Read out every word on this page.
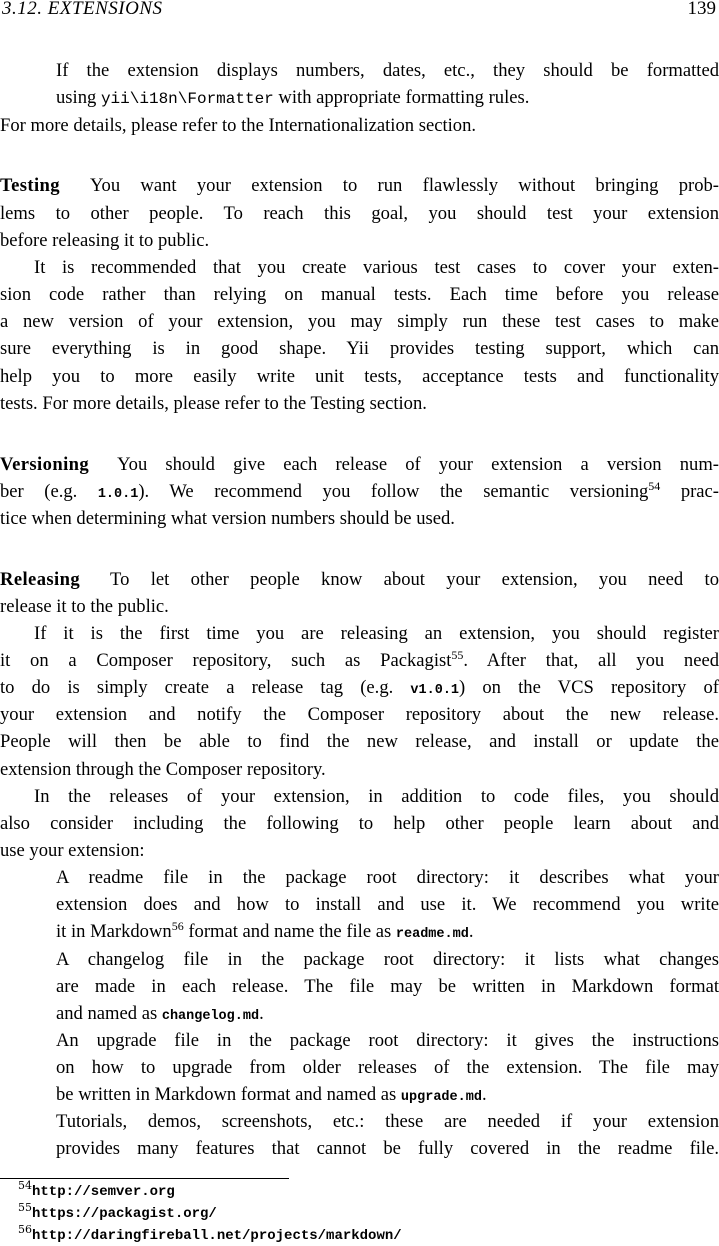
3.12. EXTENSIONS	139
If the extension displays numbers, dates, etc., they should be formatted
using yii\i18n\Formatter with appropriate formatting rules.
For more details, please refer to the Internationalization section.
Testing You want your extension to run flawlessly without bringing prob-
lems to other people. To reach this goal, you should test your extension
before releasing it to public.
It is recommended that you create various test cases to cover your exten-
sion code rather than relying on manual tests. Each time before you release
a new version of your extension, you may simply run these test cases to make
sure everything is in good shape. Yii provides testing support, which can
help you to more easily write unit tests, acceptance tests and functionality
tests. For more details, please refer to the Testing section.
Versioning You should give each release of your extension a version num-
ber (e.g. 1.0.1). We recommend you follow the semantic versioning$^{54}$ prac-
tice when determining what version numbers should be used.
Releasing To let other people know about your extension, you need to
release it to the public.
If it is the first time you are releasing an extension, you should register
it on a Composer repository, such as Packagist$^{55}$. After that, all you need
to do is simply create a release tag (e.g. v1.0.1) on the VCS repository of
your extension and notify the Composer repository about the new release.
People will then be able to find the new release, and install or update the
extension through the Composer repository.
In the releases of your extension, in addition to code files, you should
also consider including the following to help other people learn about and
use your extension:
A readme file in the package root directory: it describes what your
extension does and how to install and use it. We recommend you write
it in Markdown$^{56}$ format and name the file as readme.md.
A changelog file in the package root directory: it lists what changes
are made in each release. The file may be written in Markdown format
and named as changelog.md.
An upgrade file in the package root directory: it gives the instructions
on how to upgrade from older releases of the extension. The file may
be written in Markdown format and named as upgrade.md.
Tutorials, demos, screenshots, etc.: these are needed if your extension
provides many features that cannot be fully covered in the readme file.
$^{54}$http://semver.org
$^{55}$https://packagist.org/
$^{56}$http://daringfireball.net/projects/markdown/
